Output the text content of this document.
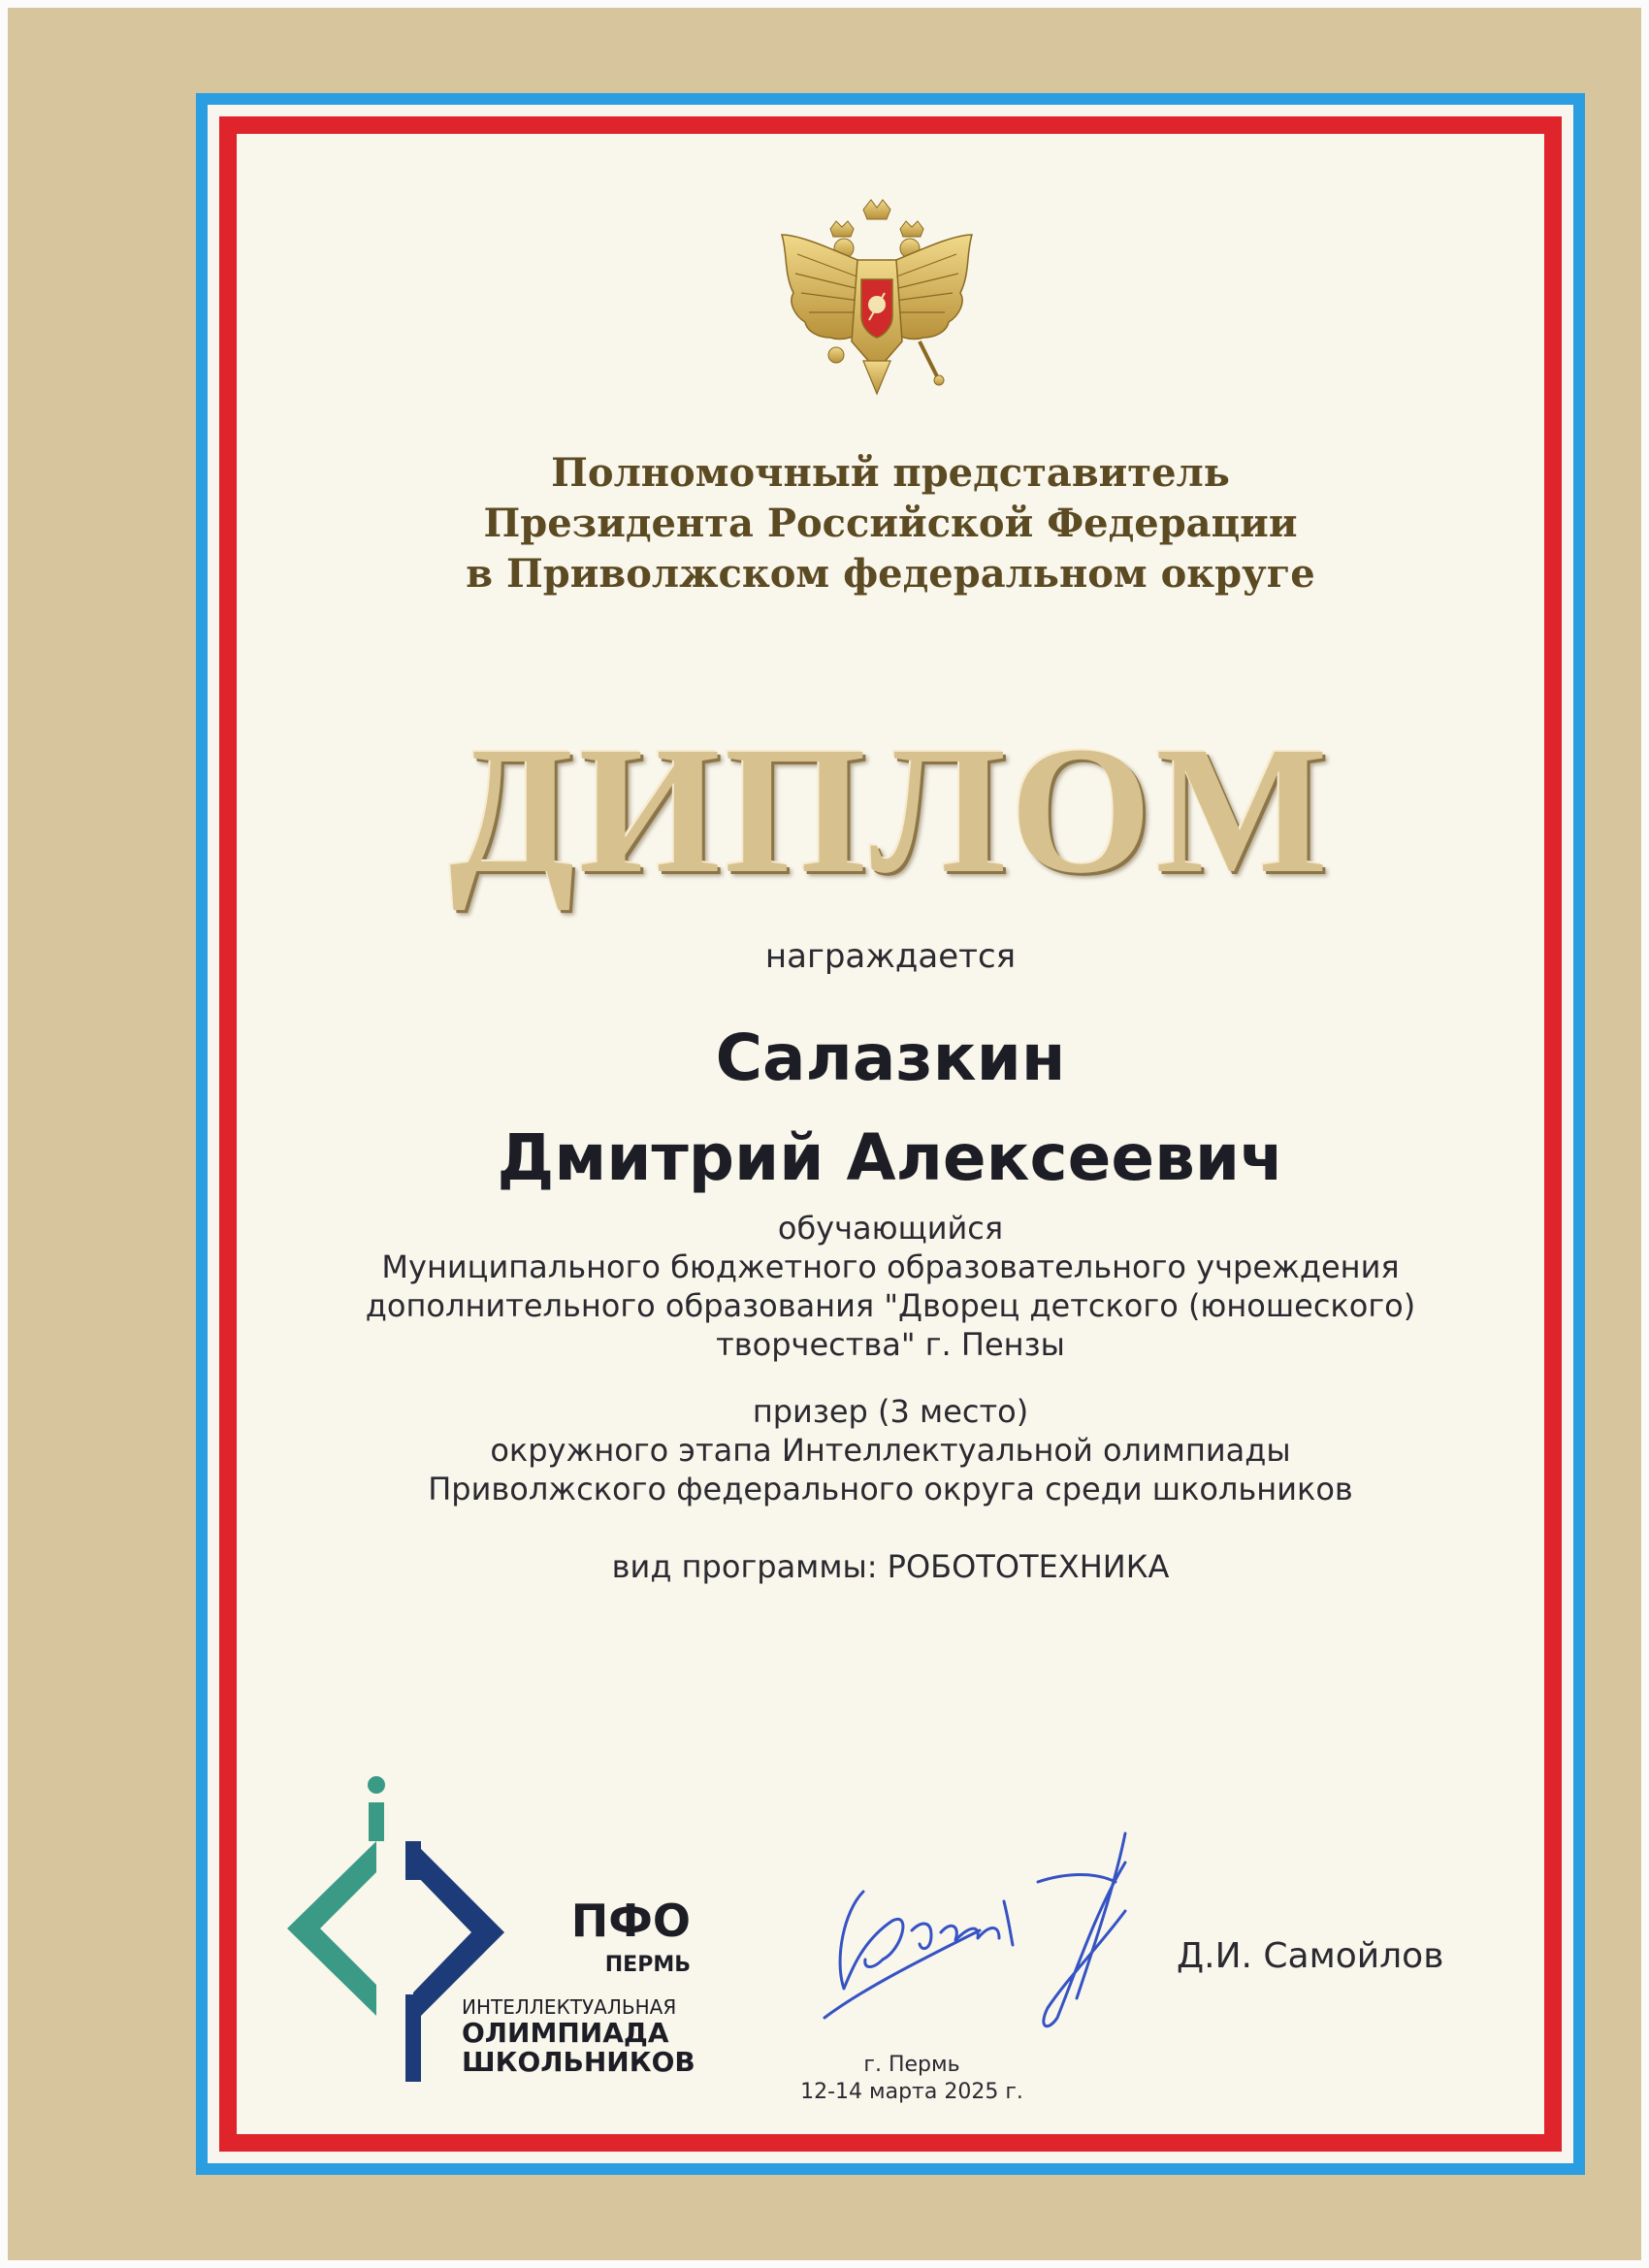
Полномочный представитель
Президента Российской Федерации
в Приволжском федеральном округе
ДИПЛОМ
награждается
Салазкин
Дмитрий Алексеевич
обучающийся
Муниципального бюджетного образовательного учреждения
дополнительного образования "Дворец детского (юношеского)
творчества" г. Пензы
призер (3 место)
окружного этапа Интеллектуальной олимпиады
Приволжского федерального округа среди школьников
вид программы: РОБОТОТЕХНИКА
ПФО
ПЕРМЬ
ИНТЕЛЛЕКТУАЛЬНАЯ
ОЛИМПИАДА
ШКОЛЬНИКОВ
Д.И. Самойлов
г. Пермь
12-14 марта 2025 г.
